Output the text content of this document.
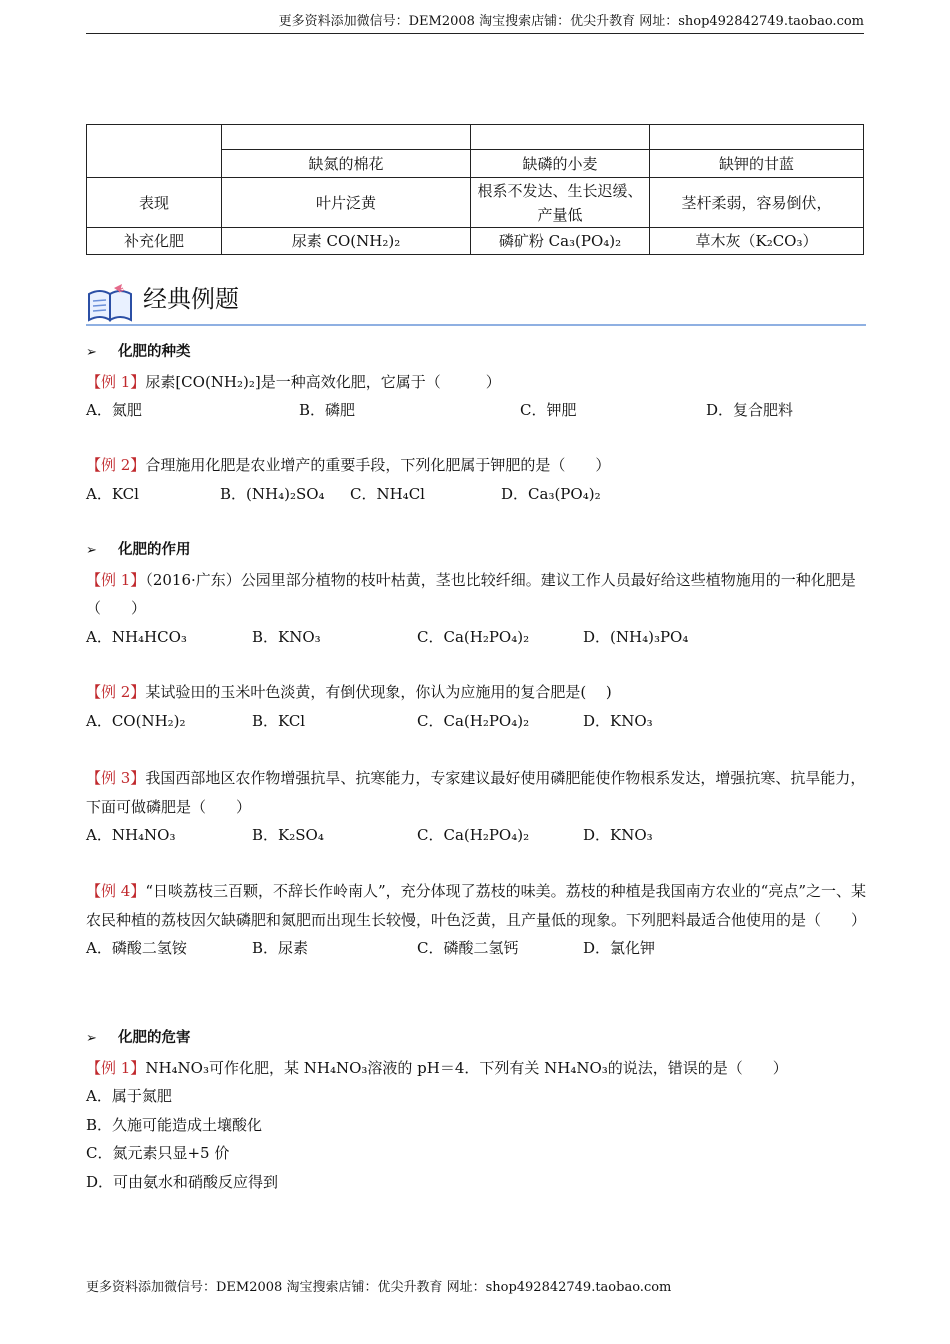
更多资料添加微信号：DEM2008 淘宝搜索店铺：优尖升教育 网址：shop492842749.taobao.com

	缺氮的棉花	缺磷的小麦	缺钾的甘蓝
表现	叶片泛黄	根系不发达、生长迟缓、产量低	茎杆柔弱，容易倒伏，
补充化肥	尿素 CO(NH₂)₂	磷矿粉 Ca₃(PO₄)₂	草木灰（K₂CO₃）
经典例题
➢ 化肥的种类
【例 1】尿素[CO(NH₂)₂]是一种高效化肥，它属于（　　　）
A．氮肥	B．磷肥	C．钾肥	D．复合肥料
【例 2】合理施用化肥是农业增产的重要手段，下列化肥属于钾肥的是（　　）
A．KCl	B．(NH₄)₂SO₄ C．NH₄Cl	D．Ca₃(PO₄)₂
➢ 化肥的作用
【例 1】（2016·广东）公园里部分植物的枝叶枯黄，茎也比较纤细。建议工作人员最好给这些植物施用的一种化肥是（　　）
A．NH₄HCO₃	B．KNO₃	C．Ca(H₂PO₄)₂	D．(NH₄)₃PO₄
【例 2】某试验田的玉米叶色淡黄，有倒伏现象，你认为应施用的复合肥是(　 )
A．CO(NH₂)₂	B．KCl	C．Ca(H₂PO₄)₂	D．KNO₃
【例 3】我国西部地区农作物增强抗旱、抗寒能力，专家建议最好使用磷肥能使作物根系发达，增强抗寒、抗旱能力，下面可做磷肥是（　　）
A．NH₄NO₃	B．K₂SO₄	C．Ca(H₂PO₄)₂	D．KNO₃
【例 4】“日啖荔枝三百颗，不辞长作岭南人”，充分体现了荔枝的味美。荔枝的种植是我国南方农业的“亮点”之一、某农民种植的荔枝因欠缺磷肥和氮肥而出现生长较慢，叶色泛黄，且产量低的现象。下列肥料最适合他使用的是（　　）
A．磷酸二氢铵	B．尿素	C．磷酸二氢钙	D．氯化钾
➢ 化肥的危害
【例 1】NH₄NO₃可作化肥，某 NH₄NO₃溶液的 pH＝4．下列有关 NH₄NO₃的说法，错误的是（　　）
A．属于氮肥
B．久施可能造成土壤酸化
C．氮元素只显+5 价
D．可由氨水和硝酸反应得到
更多资料添加微信号：DEM2008 淘宝搜索店铺：优尖升教育 网址：shop492842749.taobao.com
